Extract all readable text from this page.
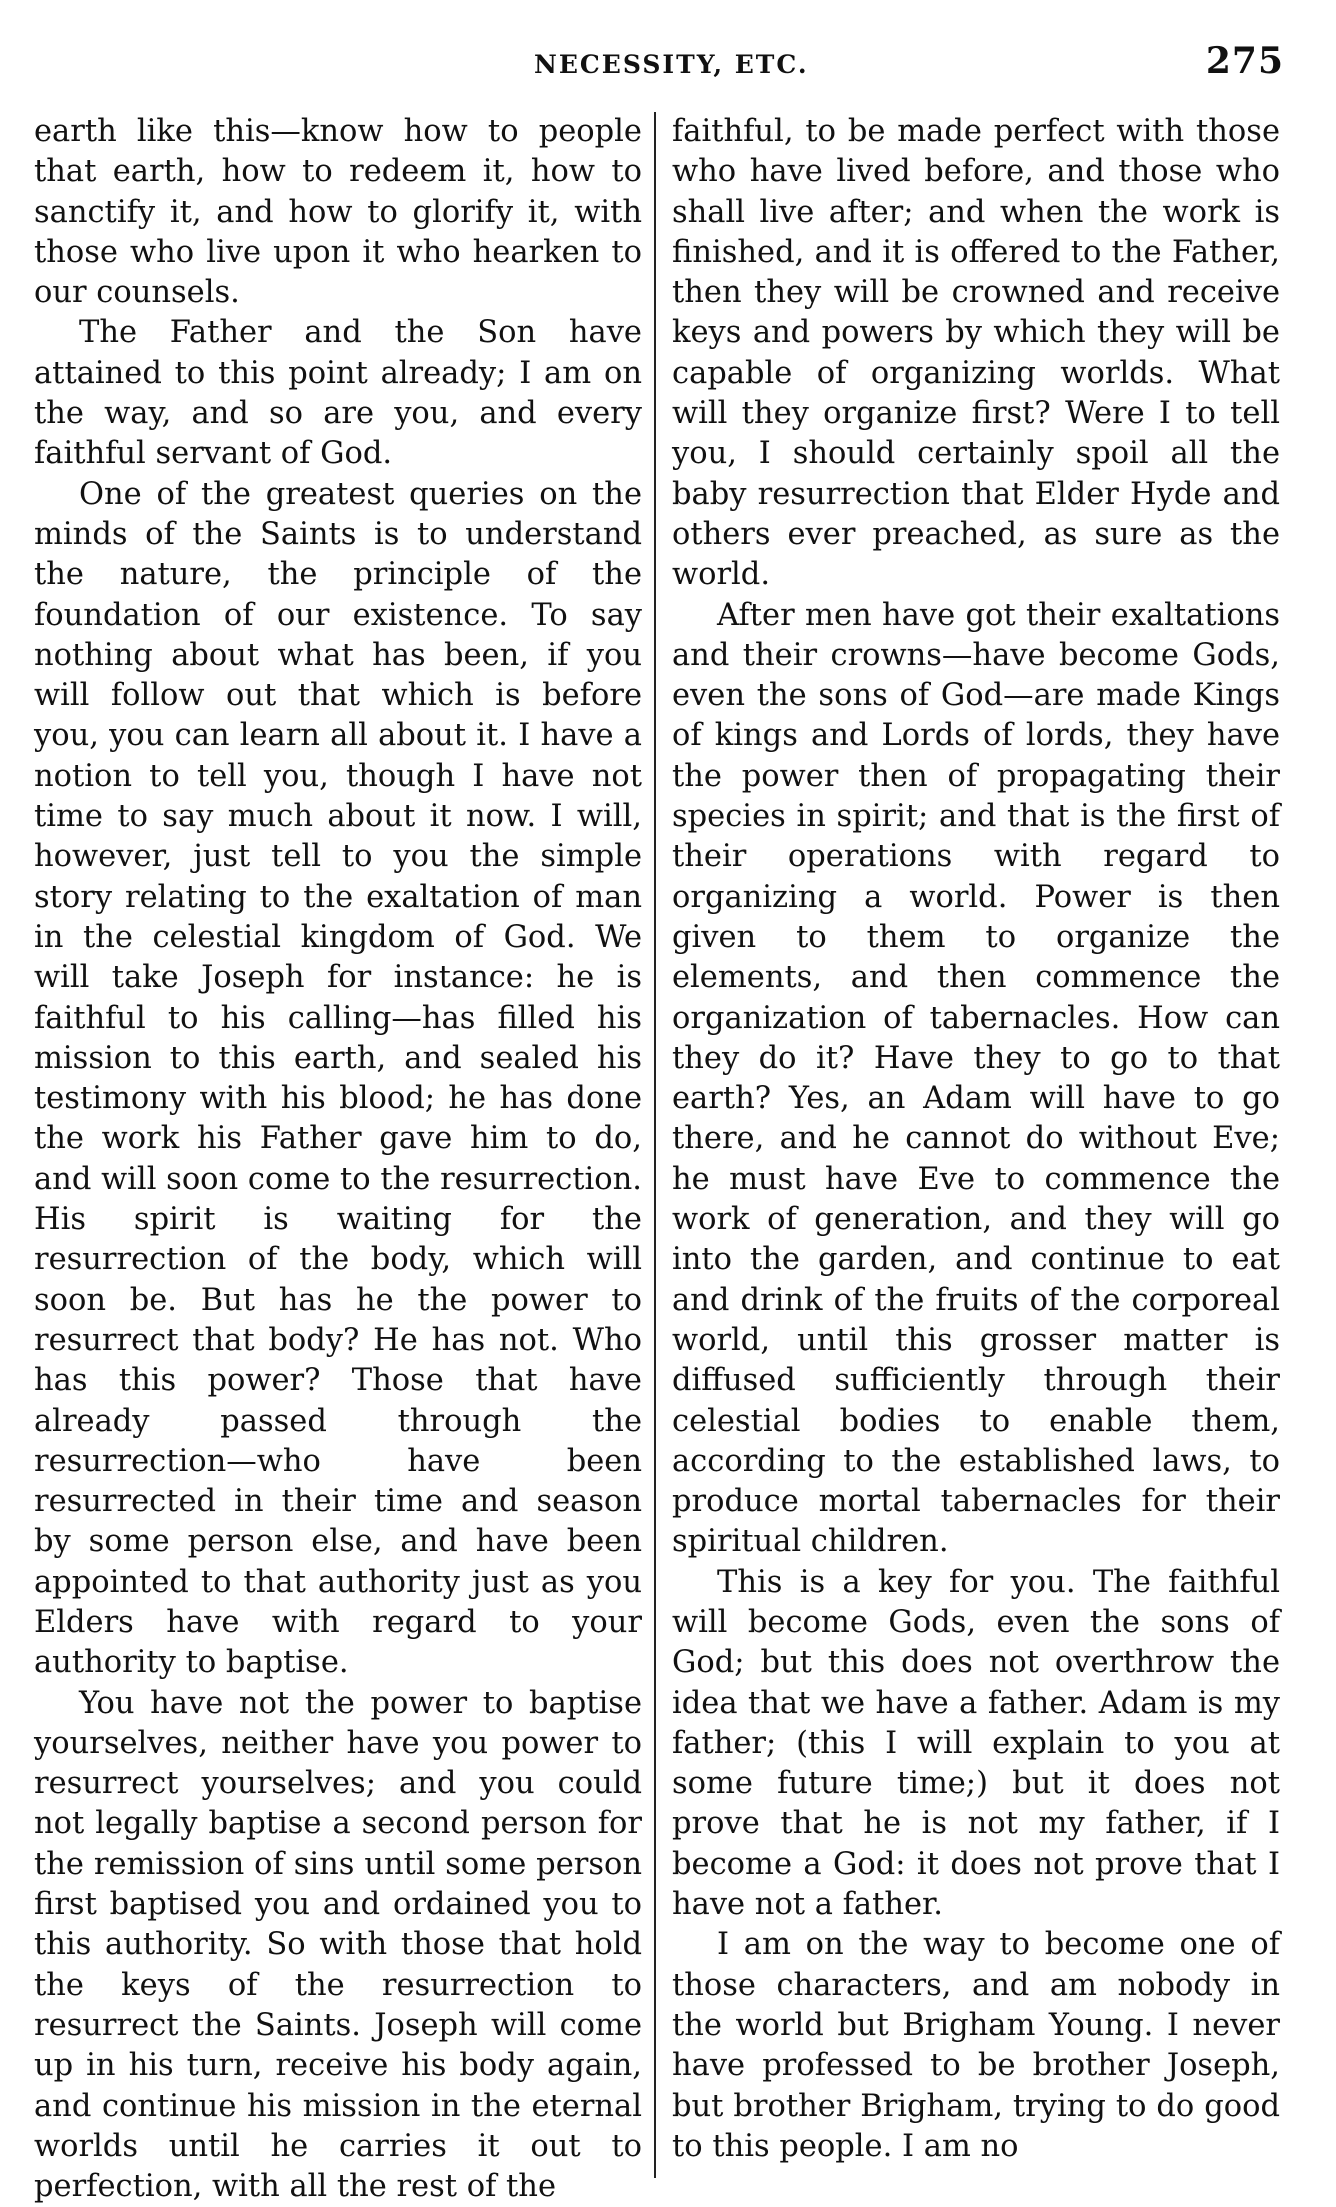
NECESSITY, ETC.	275

earth like this—know how to people that earth, how to redeem it, how to sanctify it, and how to glorify it, with those who live upon it who hearken to our counsels.

The Father and the Son have attained to this point already; I am on the way, and so are you, and every faithful servant of God.

One of the greatest queries on the minds of the Saints is to understand the nature, the principle of the foundation of our existence. To say nothing about what has been, if you will follow out that which is before you, you can learn all about it. I have a notion to tell you, though I have not time to say much about it now. I will, however, just tell to you the simple story relating to the exaltation of man in the celestial kingdom of God. We will take Joseph for instance: he is faithful to his calling—has filled his mission to this earth, and sealed his testimony with his blood; he has done the work his Father gave him to do, and will soon come to the resurrection. His spirit is waiting for the resurrection of the body, which will soon be. But has he the power to resurrect that body? He has not. Who has this power? Those that have already passed through the resurrection—who have been resurrected in their time and season by some person else, and have been appointed to that authority just as you Elders have with regard to your authority to baptise.

You have not the power to baptise yourselves, neither have you power to resurrect yourselves; and you could not legally baptise a second person for the remission of sins until some person first baptised you and ordained you to this authority. So with those that hold the keys of the resurrection to resurrect the Saints. Joseph will come up in his turn, receive his body again, and continue his mission in the eternal worlds until he carries it out to perfection, with all the rest of the

faithful, to be made perfect with those who have lived before, and those who shall live after; and when the work is finished, and it is offered to the Father, then they will be crowned and receive keys and powers by which they will be capable of organizing worlds. What will they organize first? Were I to tell you, I should certainly spoil all the baby resurrection that Elder Hyde and others ever preached, as sure as the world.

After men have got their exaltations and their crowns—have become Gods, even the sons of God—are made Kings of kings and Lords of lords, they have the power then of propagating their species in spirit; and that is the first of their operations with regard to organizing a world. Power is then given to them to organize the elements, and then commence the organization of tabernacles. How can they do it? Have they to go to that earth? Yes, an Adam will have to go there, and he cannot do without Eve; he must have Eve to commence the work of generation, and they will go into the garden, and continue to eat and drink of the fruits of the corporeal world, until this grosser matter is diffused sufficiently through their celestial bodies to enable them, according to the established laws, to produce mortal tabernacles for their spiritual children.

This is a key for you. The faithful will become Gods, even the sons of God; but this does not overthrow the idea that we have a father. Adam is my father; (this I will explain to you at some future time;) but it does not prove that he is not my father, if I become a God: it does not prove that I have not a father.

I am on the way to become one of those characters, and am nobody in the world but Brigham Young. I never have professed to be brother Joseph, but brother Brigham, trying to do good to this people. I am no
